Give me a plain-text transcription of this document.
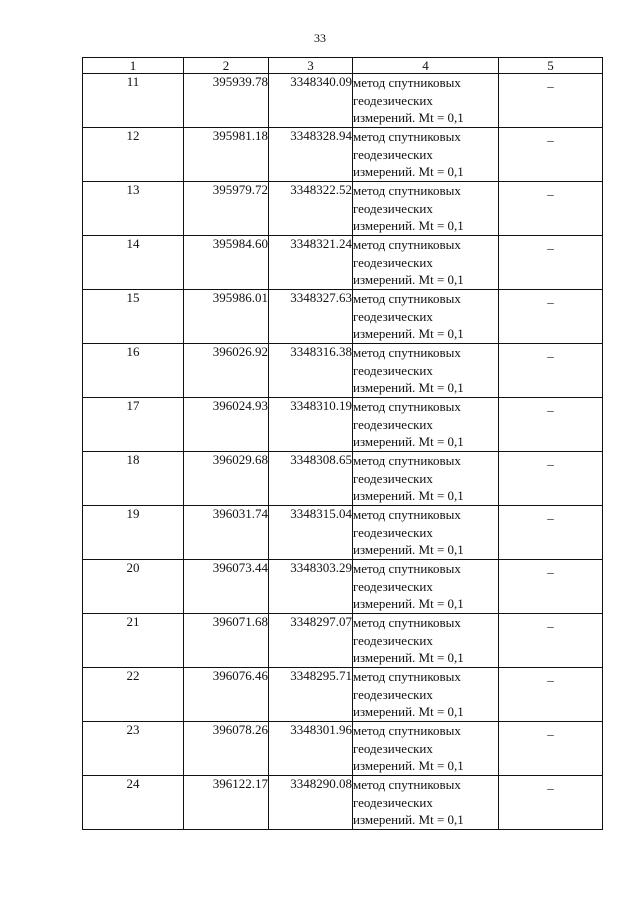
33
1	2	3	4	5
11	395939.78	3348340.09	метод спутниковых
геодезических
измерений. Mt = 0,1	_
12	395981.18	3348328.94	метод спутниковых
геодезических
измерений. Mt = 0,1	_
13	395979.72	3348322.52	метод спутниковых
геодезических
измерений. Mt = 0,1	_
14	395984.60	3348321.24	метод спутниковых
геодезических
измерений. Mt = 0,1	_
15	395986.01	3348327.63	метод спутниковых
геодезических
измерений. Mt = 0,1	_
16	396026.92	3348316.38	метод спутниковых
геодезических
измерений. Mt = 0,1	_
17	396024.93	3348310.19	метод спутниковых
геодезических
измерений. Mt = 0,1	_
18	396029.68	3348308.65	метод спутниковых
геодезических
измерений. Mt = 0,1	_
19	396031.74	3348315.04	метод спутниковых
геодезических
измерений. Mt = 0,1	_
20	396073.44	3348303.29	метод спутниковых
геодезических
измерений. Mt = 0,1	_
21	396071.68	3348297.07	метод спутниковых
геодезических
измерений. Mt = 0,1	_
22	396076.46	3348295.71	метод спутниковых
геодезических
измерений. Mt = 0,1	_
23	396078.26	3348301.96	метод спутниковых
геодезических
измерений. Mt = 0,1	_
24	396122.17	3348290.08	метод спутниковых
геодезических
измерений. Mt = 0,1	_
